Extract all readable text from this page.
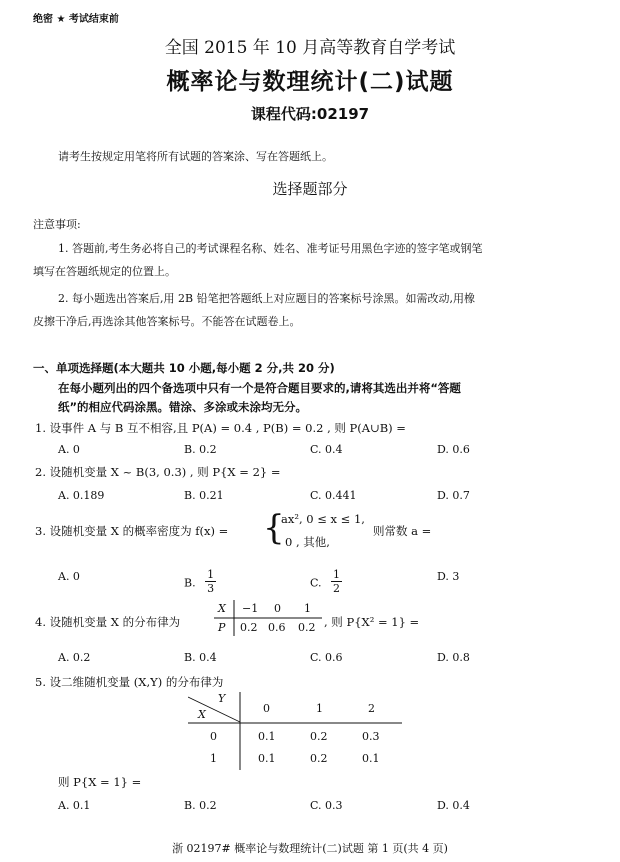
绝密 ★ 考试结束前
全国 2015 年 10 月高等教育自学考试
概率论与数理统计(二)试题
课程代码:02197
请考生按规定用笔将所有试题的答案涂、写在答题纸上。
选择题部分
注意事项:
1. 答题前,考生务必将自己的考试课程名称、姓名、准考证号用黑色字迹的签字笔或钢笔
填写在答题纸规定的位置上。
2. 每小题选出答案后,用 2B 铅笔把答题纸上对应题目的答案标号涂黑。如需改动,用橡
皮擦干净后,再选涂其他答案标号。不能答在试题卷上。
一、单项选择题(本大题共 10 小题,每小题 2 分,共 20 分)
在每小题列出的四个备选项中只有一个是符合题目要求的,请将其选出并将“答题
纸”的相应代码涂黑。错涂、多涂或未涂均无分。
1. 设事件 A 与 B 互不相容,且 P(A) = 0.4 , P(B) = 0.2 , 则 P(A∪B) =
A. 0	B. 0.2	C. 0.4	D. 0.6
2. 设随机变量 X ~ B(3, 0.3) , 则 P{X = 2} =
A. 0.189	B. 0.21	C. 0.441	D. 0.7
3. 设随机变量 X 的概率密度为 f(x) = {
ax², 0 ≤ x ≤ 1,
0 , 其他,
则常数 a =
A. 0	B. $\frac{1}{3}$	C. $\frac{1}{2}$	D. 3
4. 设随机变量 X 的分布律为
X −1 0 1
P 0.2 0.6 0.2 , 则 P{X² = 1} =
A. 0.2	B. 0.4	C. 0.6	D. 0.8
5. 设二维随机变量 (X,Y) 的分布律为
Y
X	0	1	2
0	0.1	0.2	0.3
1	0.1	0.2	0.1
则 P{X = 1} =
A. 0.1	B. 0.2	C. 0.3	D. 0.4
浙 02197# 概率论与数理统计(二)试题 第 1 页(共 4 页)
